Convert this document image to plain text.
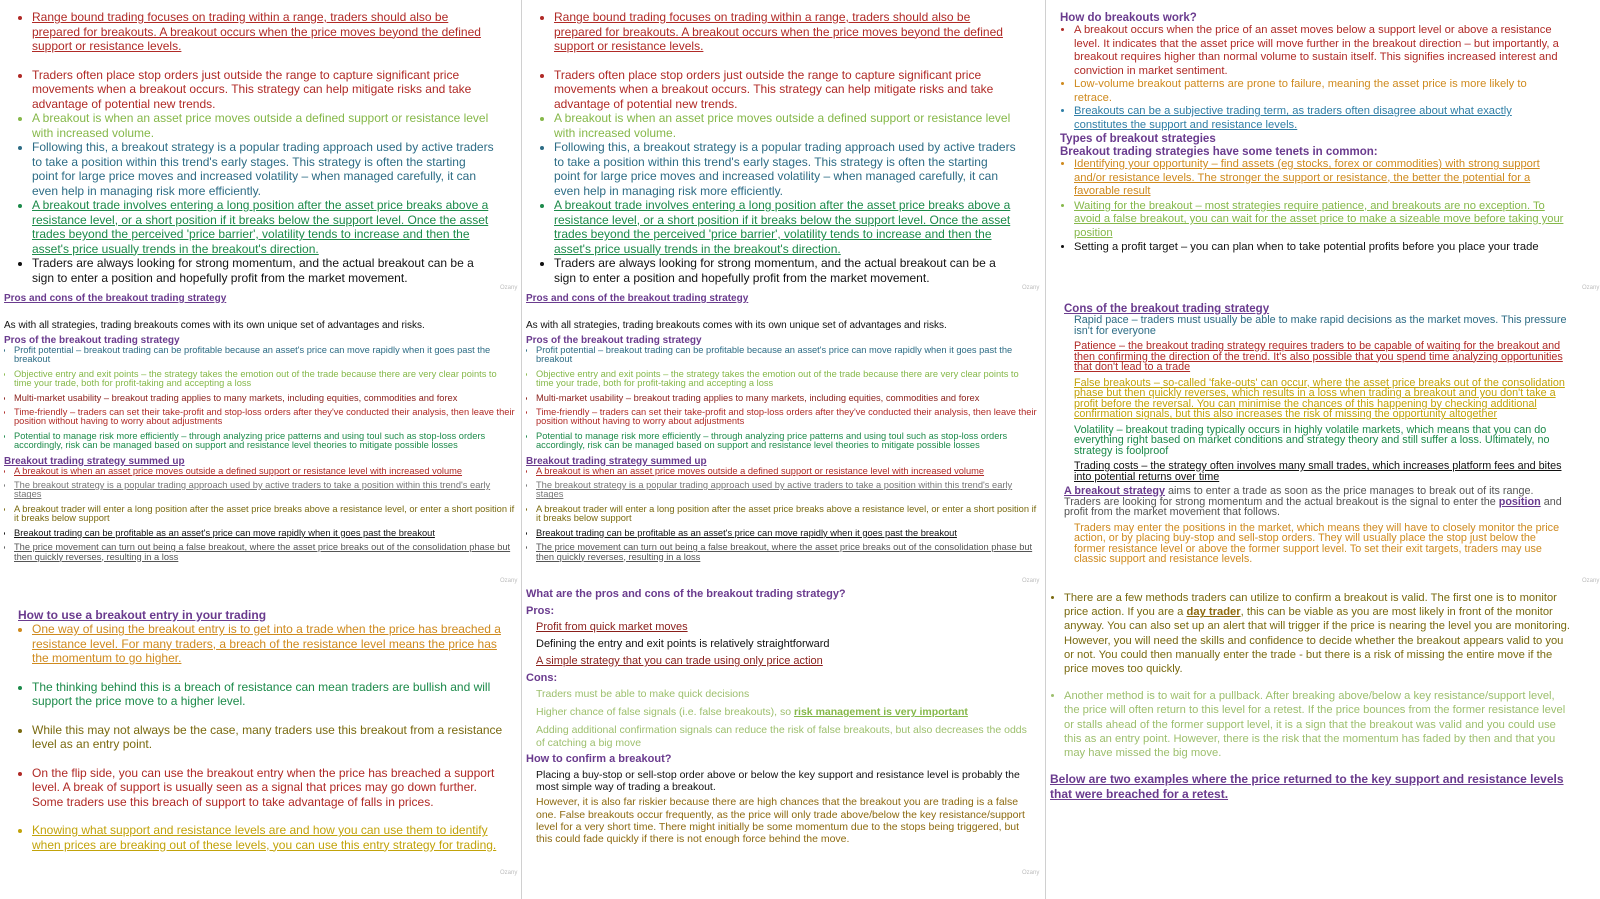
• Range bound trading focuses on trading within a range, traders should also be prepared for breakouts. A breakout occurs when the price moves beyond the defined support or resistance levels.
• Traders often place stop orders just outside the range to capture significant price movements when a breakout occurs. This strategy can help mitigate risks and take advantage of potential new trends.
• A breakout is when an asset price moves outside a defined support or resistance level with increased volume.
• Following this, a breakout strategy is a popular trading approach used by active traders to take a position within this trend's early stages. This strategy is often the starting point for large price moves and increased volatility – when managed carefully, it can even help in managing risk more efficiently.
• A breakout trade involves entering a long position after the asset price breaks above a resistance level, or a short position if it breaks below the support level. Once the asset trades beyond the perceived 'price barrier', volatility tends to increase and then the asset's price usually trends in the breakout's direction.
• Traders are always looking for strong momentum, and the actual breakout can be a sign to enter a position and hopefully profit from the market movement.
Ozany
Pros and cons of the breakout trading strategy
As with all strategies, trading breakouts comes with its own unique set of advantages and risks.
Pros of the breakout trading strategy
• Profit potential – breakout trading can be profitable because an asset's price can move rapidly when it goes past the breakout
• Objective entry and exit points – the strategy takes the emotion out of the trade because there are very clear points to time your trade, both for profit-taking and accepting a loss
• Multi-market usability – breakout trading applies to many markets, including equities, commodities and forex
• Time-friendly – traders can set their take-profit and stop-loss orders after they've conducted their analysis, then leave their position without having to worry about adjustments
• Potential to manage risk more efficiently – through analyzing price patterns and using toul such as stop-loss orders accordingly, risk can be managed based on support and resistance level theories to mitigate possible losses
Breakout trading strategy summed up
• A breakout is when an asset price moves outside a defined support or resistance level with increased volume
• The breakout strategy is a popular trading approach used by active traders to take a position within this trend's early stages
• A breakout trader will enter a long position after the asset price breaks above a resistance level, or enter a short position if it breaks below support
• Breakout trading can be profitable as an asset's price can move rapidly when it goes past the breakout
• The price movement can turn out being a false breakout, where the asset price breaks out of the consolidation phase but then quickly reverses, resulting in a loss
Ozany
How to use a breakout entry in your trading
• One way of using the breakout entry is to get into a trade when the price has breached a resistance level. For many traders, a breach of the resistance level means the price has the momentum to go higher.
• The thinking behind this is a breach of resistance can mean traders are bullish and will support the price move to a higher level.
• While this may not always be the case, many traders use this breakout from a resistance level as an entry point.
• On the flip side, you can use the breakout entry when the price has breached a support level. A break of support is usually seen as a signal that prices may go down further. Some traders use this breach of support to take advantage of falls in prices.
• Knowing what support and resistance levels are and how you can use them to identify when prices are breaking out of these levels, you can use this entry strategy for trading.
Ozany
• Range bound trading focuses on trading within a range, traders should also be prepared for breakouts. A breakout occurs when the price moves beyond the defined support or resistance levels.
• Traders often place stop orders just outside the range to capture significant price movements when a breakout occurs. This strategy can help mitigate risks and take advantage of potential new trends.
• A breakout is when an asset price moves outside a defined support or resistance level with increased volume.
• Following this, a breakout strategy is a popular trading approach used by active traders to take a position within this trend's early stages. This strategy is often the starting point for large price moves and increased volatility – when managed carefully, it can even help in managing risk more efficiently.
• A breakout trade involves entering a long position after the asset price breaks above a resistance level, or a short position if it breaks below the support level. Once the asset trades beyond the perceived 'price barrier', volatility tends to increase and then the asset's price usually trends in the breakout's direction.
• Traders are always looking for strong momentum, and the actual breakout can be a sign to enter a position and hopefully profit from the market movement.
Ozany
Pros and cons of the breakout trading strategy
As with all strategies, trading breakouts comes with its own unique set of advantages and risks.
Pros of the breakout trading strategy
• Profit potential – breakout trading can be profitable because an asset's price can move rapidly when it goes past the breakout
• Objective entry and exit points – the strategy takes the emotion out of the trade because there are very clear points to time your trade, both for profit-taking and accepting a loss
• Multi-market usability – breakout trading applies to many markets, including equities, commodities and forex
• Time-friendly – traders can set their take-profit and stop-loss orders after they've conducted their analysis, then leave their position without having to worry about adjustments
• Potential to manage risk more efficiently – through analyzing price patterns and using toul such as stop-loss orders accordingly, risk can be managed based on support and resistance level theories to mitigate possible losses
Breakout trading strategy summed up
• A breakout is when an asset price moves outside a defined support or resistance level with increased volume
• The breakout strategy is a popular trading approach used by active traders to take a position within this trend's early stages
• A breakout trader will enter a long position after the asset price breaks above a resistance level, or enter a short position if it breaks below support
• Breakout trading can be profitable as an asset's price can move rapidly when it goes past the breakout
• The price movement can turn out being a false breakout, where the asset price breaks out of the consolidation phase but then quickly reverses, resulting in a loss
Ozany
What are the pros and cons of the breakout trading strategy?
Pros:
• Profit from quick market moves
• Defining the entry and exit points is relatively straightforward
• A simple strategy that you can trade using only price action
Cons:
• Traders must be able to make quick decisions
• Higher chance of false signals (i.e. false breakouts), so risk management is very important
• Adding additional confirmation signals can reduce the risk of false breakouts, but also decreases the odds of catching a big move
How to confirm a breakout?
• Placing a buy-stop or sell-stop order above or below the key support and resistance level is probably the most simple way of trading a breakout.
• However, it is also far riskier because there are high chances that the breakout you are trading is a false one. False breakouts occur frequently, as the price will only trade above/below the key resistance/support level for a very short time. There might initially be some momentum due to the stops being triggered, but this could fade quickly if there is not enough force behind the move.
Ozany
How do breakouts work?
• A breakout occurs when the price of an asset moves below a support level or above a resistance level. It indicates that the asset price will move further in the breakout direction – but importantly, a breakout requires higher than normal volume to sustain itself. This signifies increased interest and conviction in market sentiment.
• Low-volume breakout patterns are prone to failure, meaning the asset price is more likely to retrace.
• Breakouts can be a subjective trading term, as traders often disagree about what exactly constitutes the support and resistance levels.
Types of breakout strategies
Breakout trading strategies have some tenets in common:
• Identifying your opportunity – find assets (eg stocks, forex or commodities) with strong support and/or resistance levels. The stronger the support or resistance, the better the potential for a favorable result
• Waiting for the breakout – most strategies require patience, and breakouts are no exception. To avoid a false breakout, you can wait for the asset price to make a sizeable move before taking your position
• Setting a profit target – you can plan when to take potential profits before you place your trade
Ozany
Cons of the breakout trading strategy
• Rapid pace – traders must usually be able to make rapid decisions as the market moves. This pressure isn't for everyone
• Patience – the breakout trading strategy requires traders to be capable of waiting for the breakout and then confirming the direction of the trend. It's also possible that you spend time analyzing opportunities that don't lead to a trade
• False breakouts – so-called 'fake-outs' can occur, where the asset price breaks out of the consolidation phase but then quickly reverses, which results in a loss when trading a breakout and you don't take a profit before the reversal. You can minimise the chances of this happening by checking additional confirmation signals, but this also increases the risk of missing the opportunity altogether
• Volatility – breakout trading typically occurs in highly volatile markets, which means that you can do everything right based on market conditions and strategy theory and still suffer a loss. Ultimately, no strategy is foolproof
• Trading costs – the strategy often involves many small trades, which increases platform fees and bites into potential returns over time

A breakout strategy aims to enter a trade as soon as the price manages to break out of its range. Traders are looking for strong momentum and the actual breakout is the signal to enter the position and profit from the market movement that follows.

• Traders may enter the positions in the market, which means they will have to closely monitor the price action, or by placing buy-stop and sell-stop orders. They will usually place the stop just below the former resistance level or above the former support level. To set their exit targets, traders may use classic support and resistance levels.
Ozany
• There are a few methods traders can utilize to confirm a breakout is valid. The first one is to monitor price action. If you are a day trader, this can be viable as you are most likely in front of the monitor anyway. You can also set up an alert that will trigger if the price is nearing the level you are monitoring. However, you will need the skills and confidence to decide whether the breakout appears valid to you or not. You could then manually enter the trade - but there is a risk of missing the entire move if the price moves too quickly.
• Another method is to wait for a pullback. After breaking above/below a key resistance/support level, the price will often return to this level for a retest. If the price bounces from the former resistance level or stalls ahead of the former support level, it is a sign that the breakout was valid and you could use this as an entry point. However, there is the risk that the momentum has faded by then and that you may have missed the big move.
Below are two examples where the price returned to the key support and resistance levels that were breached for a retest.
